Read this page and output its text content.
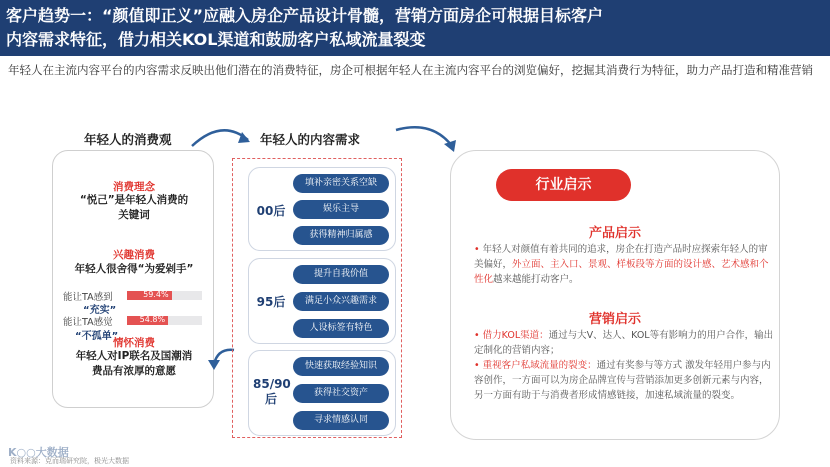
客户趋势一：“颜值即正义”应融入房企产品设计骨髓，营销方面房企可根据目标客户
内容需求特征，借力相关KOL渠道和鼓励客户私域流量裂变
年轻人在主流内容平台的内容需求反映出他们潜在的消费特征，房企可根据年轻人在主流内容平台的浏览偏好，挖掘其消费行为特征，助力产品打造和精准营销
年轻人的消费观
消费理念
“悦己”是年轻人消费的关键词
兴趣消费
年轻人很舍得“为爱剁手”
能让TA感到	59.4%
“充实”
能让TA感觉	54.8%
“不孤单”
情怀消费
年轻人对IP联名及国潮消费品有浓厚的意愿
年轻人的内容需求
00后
填补亲密关系空缺
娱乐主导
获得精神归属感
95后
提升自我价值
满足小众兴趣需求
人设标签有特色
85/90后
快速获取经验知识
获得社交资产
寻求情感认同
行业启示
产品启示
• 年轻人对颜值有着共同的追求，房企在打造产品时应探索年轻人的审美偏好，外立面、主入口、景观、样板段等方面的设计感、艺术感和个性化越来越能打动客户。
营销启示
• 借力KOL渠道：通过与大V、达人、KOL等有影响力的用户合作，输出定制化的营销内容；
• 重视客户私域流量的裂变：通过有奖参与等方式 激发年轻用户参与内容创作，一方面可以为房企品牌宣传与营销添加更多创新元素与内容，另一方面有助于与消费者形成情感链接，加速私域流量的裂变。
K○○大数据
资料来源：克而瑞研究院，极光大数据
